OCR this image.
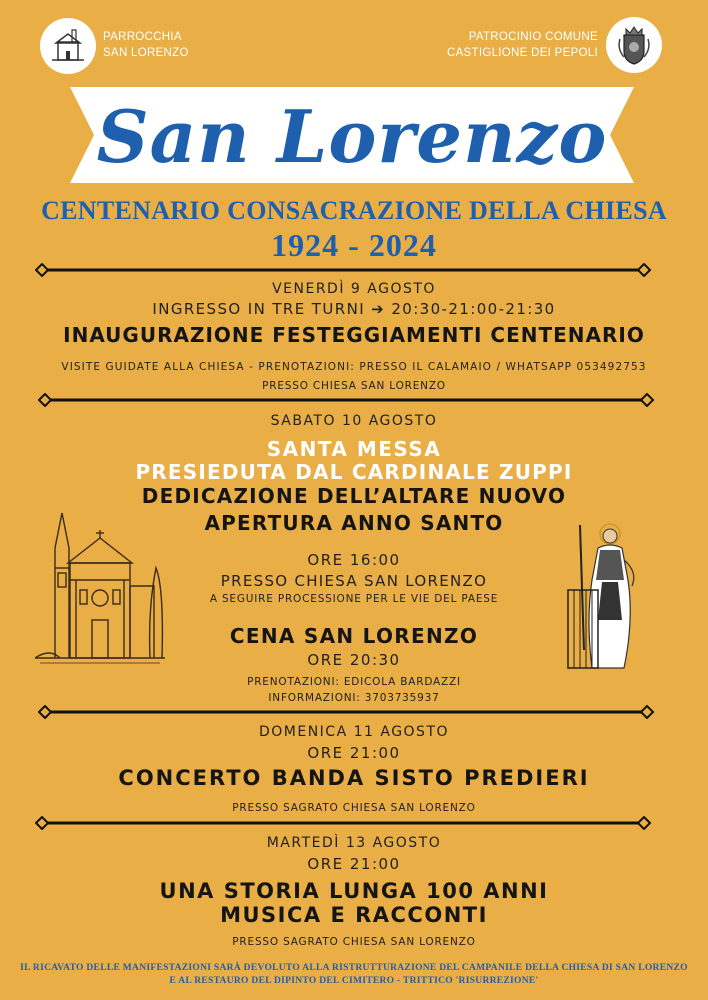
PARROCCHIA
SAN LORENZO
PATROCINIO COMUNE
CASTIGLIONE DEI PEPOLI
San Lorenzo
CENTENARIO CONSACRAZIONE DELLA CHIESA
1924 - 2024
VENERDÌ 9 AGOSTO
INGRESSO IN TRE TURNI ➔ 20:30-21:00-21:30
INAUGURAZIONE FESTEGGIAMENTI CENTENARIO
VISITE GUIDATE ALLA CHIESA - PRENOTAZIONI: PRESSO IL CALAMAIO / WHATSAPP 053492753
PRESSO CHIESA SAN LORENZO
SABATO 10 AGOSTO
SANTA MESSA
PRESIEDUTA DAL CARDINALE ZUPPI
DEDICAZIONE DELL’ALTARE NUOVO
APERTURA ANNO SANTO
ORE 16:00
PRESSO CHIESA SAN LORENZO
A SEGUIRE PROCESSIONE PER LE VIE DEL PAESE
CENA SAN LORENZO
ORE 20:30
PRENOTAZIONI: EDICOLA BARDAZZI
INFORMAZIONI: 3703735937
DOMENICA 11 AGOSTO
ORE 21:00
CONCERTO BANDA SISTO PREDIERI
PRESSO SAGRATO CHIESA SAN LORENZO
MARTEDÌ 13 AGOSTO
ORE 21:00
UNA STORIA LUNGA 100 ANNI
MUSICA E RACCONTI
PRESSO SAGRATO CHIESA SAN LORENZO
IL RICAVATO DELLE MANIFESTAZIONI SARÀ DEVOLUTO ALLA RISTRUTTURAZIONE DEL CAMPANILE DELLA CHIESA DI SAN LORENZO
E AL RESTAURO DEL DIPINTO DEL CIMITERO - TRITTICO 'RISURREZIONE'
